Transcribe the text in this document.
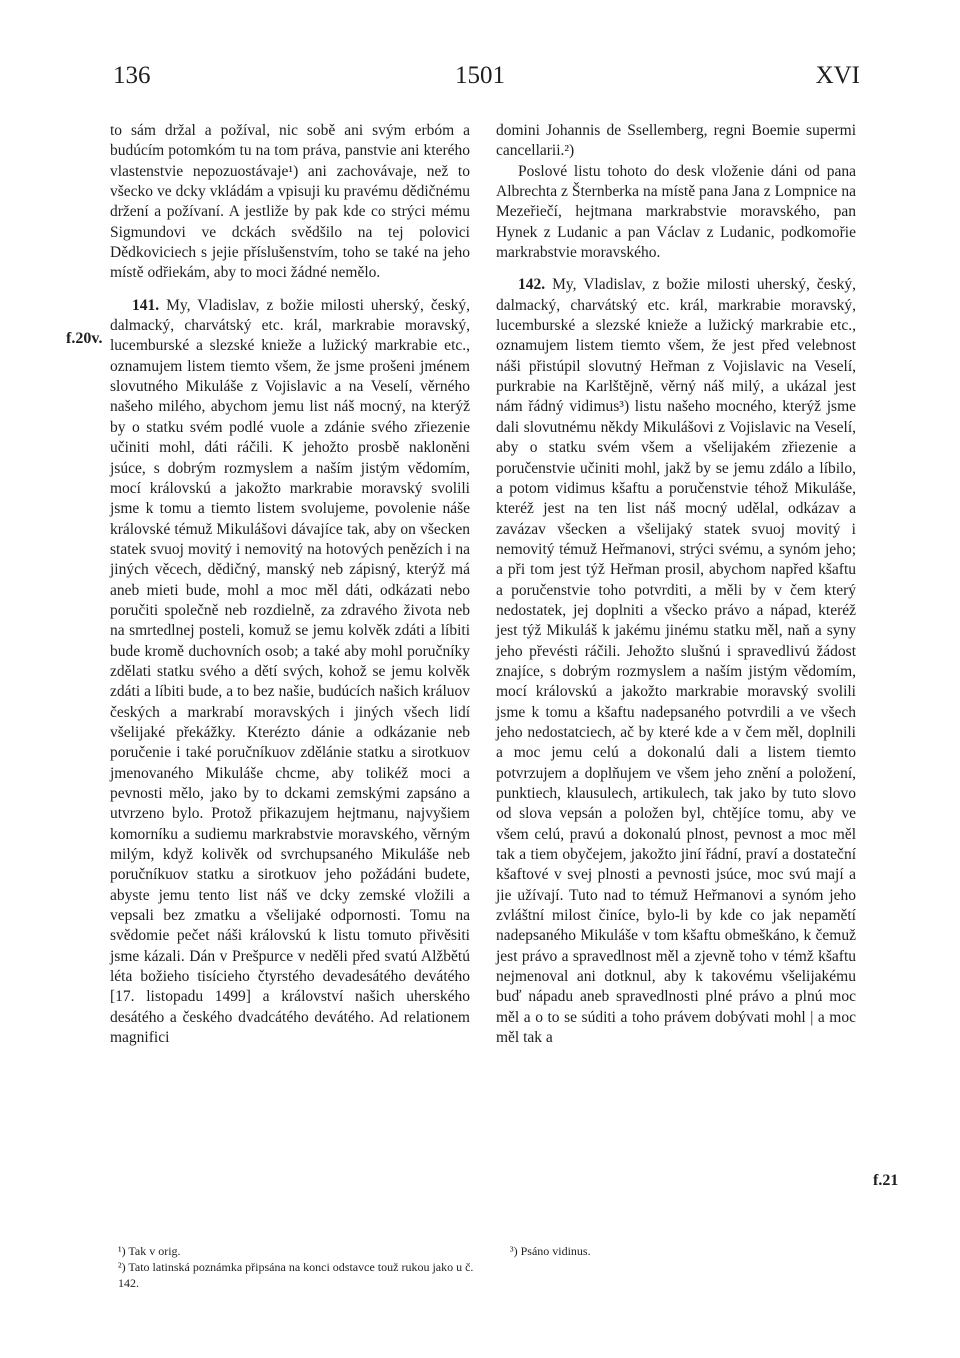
136	1501	XVI
f.20v.
f.21

to sám držal a požíval, nic sobě ani svým erbóm a budúcím potomkóm tu na tom práva, panstvie ani kterého vlastenstvie nepozuostávaje¹) ani zachovávaje, než to všecko ve dcky vkládám a vpisuji ku pravému dědičnému držení a požívaní. A jestliže by pak kde co strýci mému Sigmundovi ve dckách svědšilo na tej polovici Dědkoviciech s jejie příslušenstvím, toho se také na jeho místě odřiekám, aby to moci žádné nemělo.

141. My, Vladislav, z božie milosti uherský, český, dalmacký, charvátský etc. král, markrabie moravský, lucemburské a slezské knieže a lužický markrabie etc., oznamujem listem tiemto všem, že jsme prošeni jménem slovutného Mikuláše z Vojislavic a na Veselí, věrného našeho milého, abychom jemu list náš mocný, na kterýž by o statku svém podlé vuole a zdánie svého zřiezenie učiniti mohl, dáti ráčili. K jehožto prosbě nakloněni jsúce, s dobrým rozmyslem a naším jistým vědomím, mocí královskú a jakožto markrabie moravský svolili jsme k tomu a tiemto listem svolujeme, povolenie náše královské témuž Mikulášovi dávajíce tak, aby on všecken statek svuoj movitý i nemovitý na hotových penězích i na jiných věcech, dědičný, manský neb zápisný, kterýž má aneb mieti bude, mohl a moc měl dáti, odkázati nebo poručiti společně neb rozdielně, za zdravého života neb na smrtedlnej posteli, komuž se jemu kolvěk zdáti a líbiti bude kromě duchovních osob; a také aby mohl poručníky zdělati statku svého a dětí svých, kohož se jemu kolvěk zdáti a líbiti bude, a to bez našie, budúcích našich králuov českých a markrabí moravských i jiných všech lidí všelijaké překážky. Kterézto dánie a odkázanie neb poručenie i také poručníkuov zdělánie statku a sirotkuov jmenovaného Mikuláše chcme, aby tolikéž moci a pevnosti mělo, jako by to dckami zemskými zapsáno a utvrzeno bylo. Protož přikazujem hejtmanu, najvyšiem komorníku a sudiemu markrabstvie moravského, věrným milým, když kolivěk od svrchupsaného Mikuláše neb poručníkuov statku a sirotkuov jeho požádáni budete, abyste jemu tento list náš ve dcky zemské vložili a vepsali bez zmatku a všelijaké odpornosti. Tomu na svědomie pečet náši královskú k listu tomuto přivěsiti jsme kázali. Dán v Prešpurce v neděli před svatú Alžbětú léta božieho tisícieho čtyrstého devadesátého devátého [17. listopadu 1499] a království našich uherského desátého a českého dvadcátého devátého. Ad relationem magnifici

domini Johannis de Ssellemberg, regni Boemie supermi cancellarii.²)

Poslové listu tohoto do desk vloženie dáni od pana Albrechta z Šternberka na místě pana Jana z Lompnice na Mezeřiečí, hejtmana markrabstvie moravského, pan Hynek z Ludanic a pan Václav z Ludanic, podkomořie markrabstvie moravského.

142. My, Vladislav, z božie milosti uherský, český, dalmacký, charvátský etc. král, markrabie moravský, lucemburské a slezské knieže a lužický markrabie etc., oznamujem listem tiemto všem, že jest před velebnost náši přistúpil slovutný Heřman z Vojislavic na Veselí, purkrabie na Karlštějně, věrný náš milý, a ukázal jest nám řádný vidimus³) listu našeho mocného, kterýž jsme dali slovutnému někdy Mikulášovi z Vojislavic na Veselí, aby o statku svém všem a všelijakém zřiezenie a poručenstvie učiniti mohl, jakž by se jemu zdálo a líbilo, a potom vidimus kšaftu a poručenstvie téhož Mikuláše, kteréž jest na ten list náš mocný udělal, odkázav a zavázav všecken a všelijaký statek svuoj movitý i nemovitý témuž Heřmanovi, strýci svému, a synóm jeho; a při tom jest týž Heřman prosil, abychom napřed kšaftu a poručenstvie toho potvrditi, a měli by v čem který nedostatek, jej doplniti a všecko právo a nápad, kteréž jest týž Mikuláš k jakému jinému statku měl, naň a syny jeho převésti ráčili. Jehožto slušnú i spravedlivú žádost znajíce, s dobrým rozmyslem a naším jistým vědomím, mocí královskú a jakožto markrabie moravský svolili jsme k tomu a kšaftu nadepsaného potvrdili a ve všech jeho nedostatciech, ač by které kde a v čem měl, doplnili a moc jemu celú a dokonalú dali a listem tiemto potvrzujem a doplňujem ve všem jeho znění a položení, punktiech, klausulech, artikulech, tak jako by tuto slovo od slova vepsán a položen byl, chtějíce tomu, aby ve všem celú, pravú a dokonalú plnost, pevnost a moc měl tak a tiem obyčejem, jakožto jiní řádní, praví a dostateční kšaftové v svej plnosti a pevnosti jsúce, moc svú mají a jie užívají. Tuto nad to témuž Heřmanovi a synóm jeho zvláštní milost činíce, bylo-li by kde co jak nepamětí nadepsaného Mikuláše v tom kšaftu obmeškáno, k čemuž jest právo a spravedlnost měl a zjevně toho v témž kšaftu nejmenoval ani dotknul, aby k takovému všelijakému buď nápadu aneb spravedlnosti plné právo a plnú moc měl a o to se súditi a toho právem dobývati mohl | a moc měl tak a

¹) Tak v orig.

²) Tato latinská poznámka připsána na konci odstavce touž rukou jako u č. 142.

³) Psáno vidinus.
